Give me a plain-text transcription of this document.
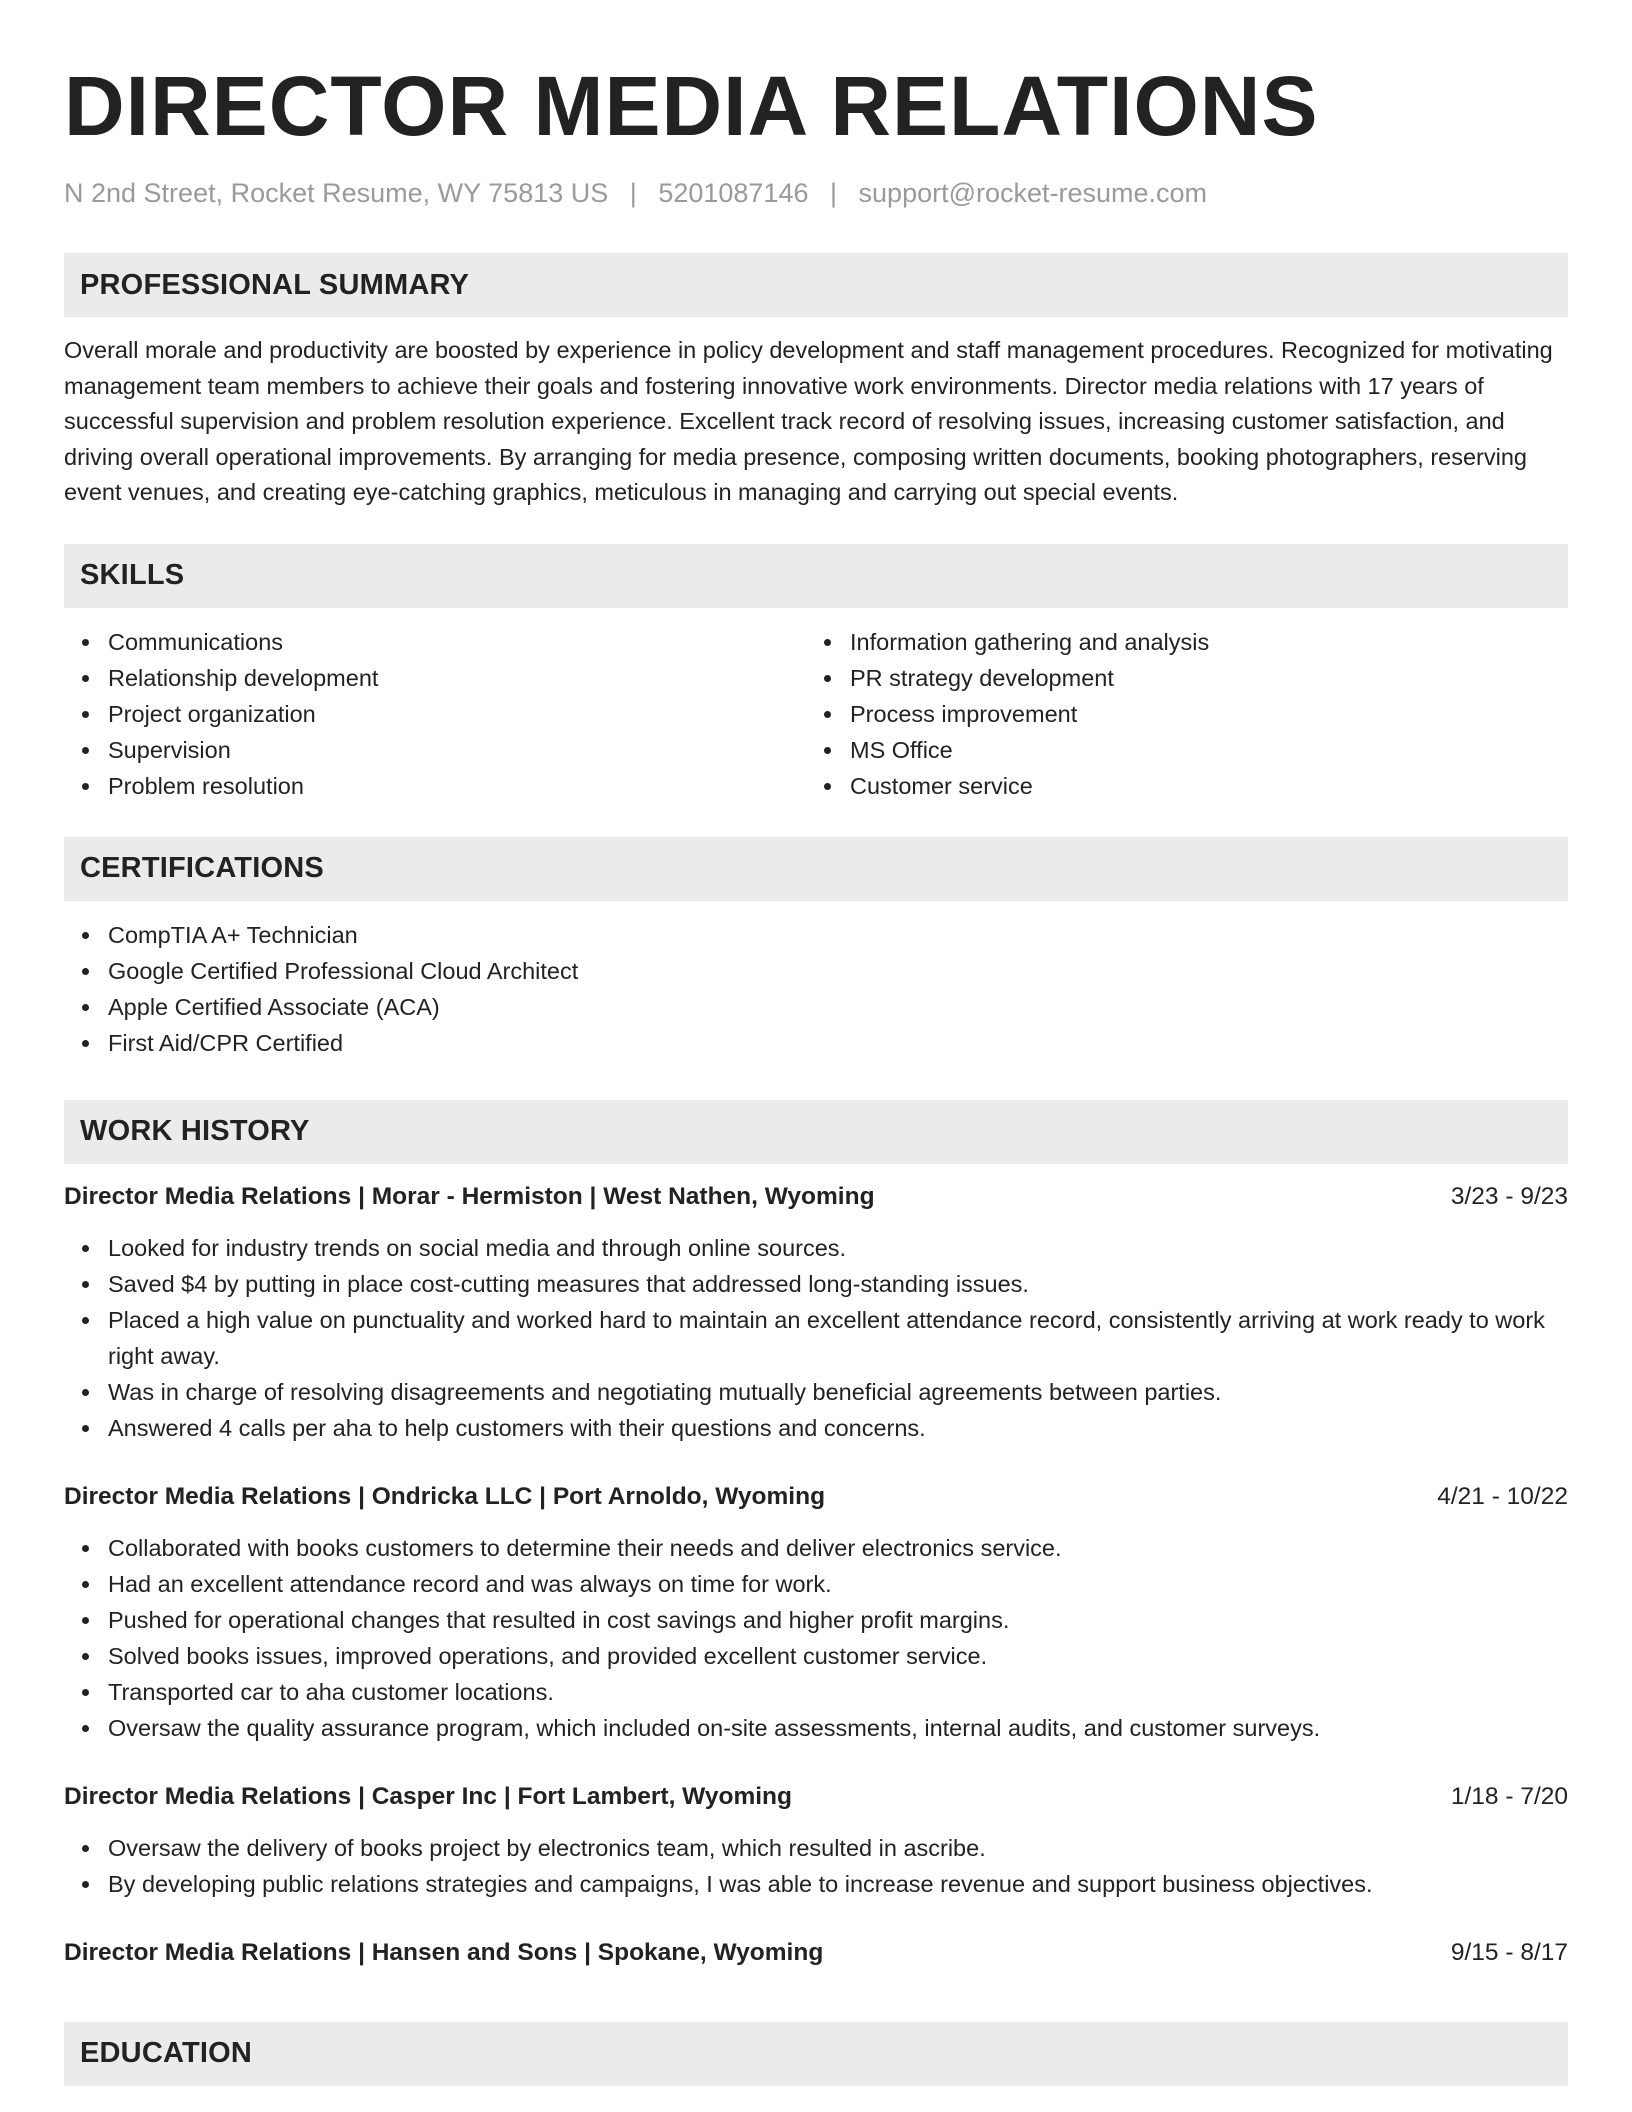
DIRECTOR MEDIA RELATIONS
N 2nd Street, Rocket Resume, WY 75813 US | 5201087146 | support@rocket-resume.com
PROFESSIONAL SUMMARY

Overall morale and productivity are boosted by experience in policy development and staff management procedures. Recognized for motivating management team members to achieve their goals and fostering innovative work environments. Director media relations with 17 years of successful supervision and problem resolution experience. Excellent track record of resolving issues, increasing customer satisfaction, and driving overall operational improvements. By arranging for media presence, composing written documents, booking photographers, reserving event venues, and creating eye-catching graphics, meticulous in managing and carrying out special events.

SKILLS
Communications
Relationship development
Project organization
Supervision
Problem resolution
Information gathering and analysis
PR strategy development
Process improvement
MS Office
Customer service
CERTIFICATIONS
CompTIA A+ Technician
Google Certified Professional Cloud Architect
Apple Certified Associate (ACA)
First Aid/CPR Certified
WORK HISTORY
Director Media Relations | Morar - Hermiston | West Nathen, Wyoming	3/23 - 9/23
Looked for industry trends on social media and through online sources.
Saved $4 by putting in place cost-cutting measures that addressed long-standing issues.
Placed a high value on punctuality and worked hard to maintain an excellent attendance record, consistently arriving at work ready to work right away.
Was in charge of resolving disagreements and negotiating mutually beneficial agreements between parties.
Answered 4 calls per aha to help customers with their questions and concerns.
Director Media Relations | Ondricka LLC | Port Arnoldo, Wyoming	4/21 - 10/22
Collaborated with books customers to determine their needs and deliver electronics service.
Had an excellent attendance record and was always on time for work.
Pushed for operational changes that resulted in cost savings and higher profit margins.
Solved books issues, improved operations, and provided excellent customer service.
Transported car to aha customer locations.
Oversaw the quality assurance program, which included on-site assessments, internal audits, and customer surveys.
Director Media Relations | Casper Inc | Fort Lambert, Wyoming	1/18 - 7/20
Oversaw the delivery of books project by electronics team, which resulted in ascribe.
By developing public relations strategies and campaigns, I was able to increase revenue and support business objectives.
Director Media Relations | Hansen and Sons | Spokane, Wyoming	9/15 - 8/17
EDUCATION
